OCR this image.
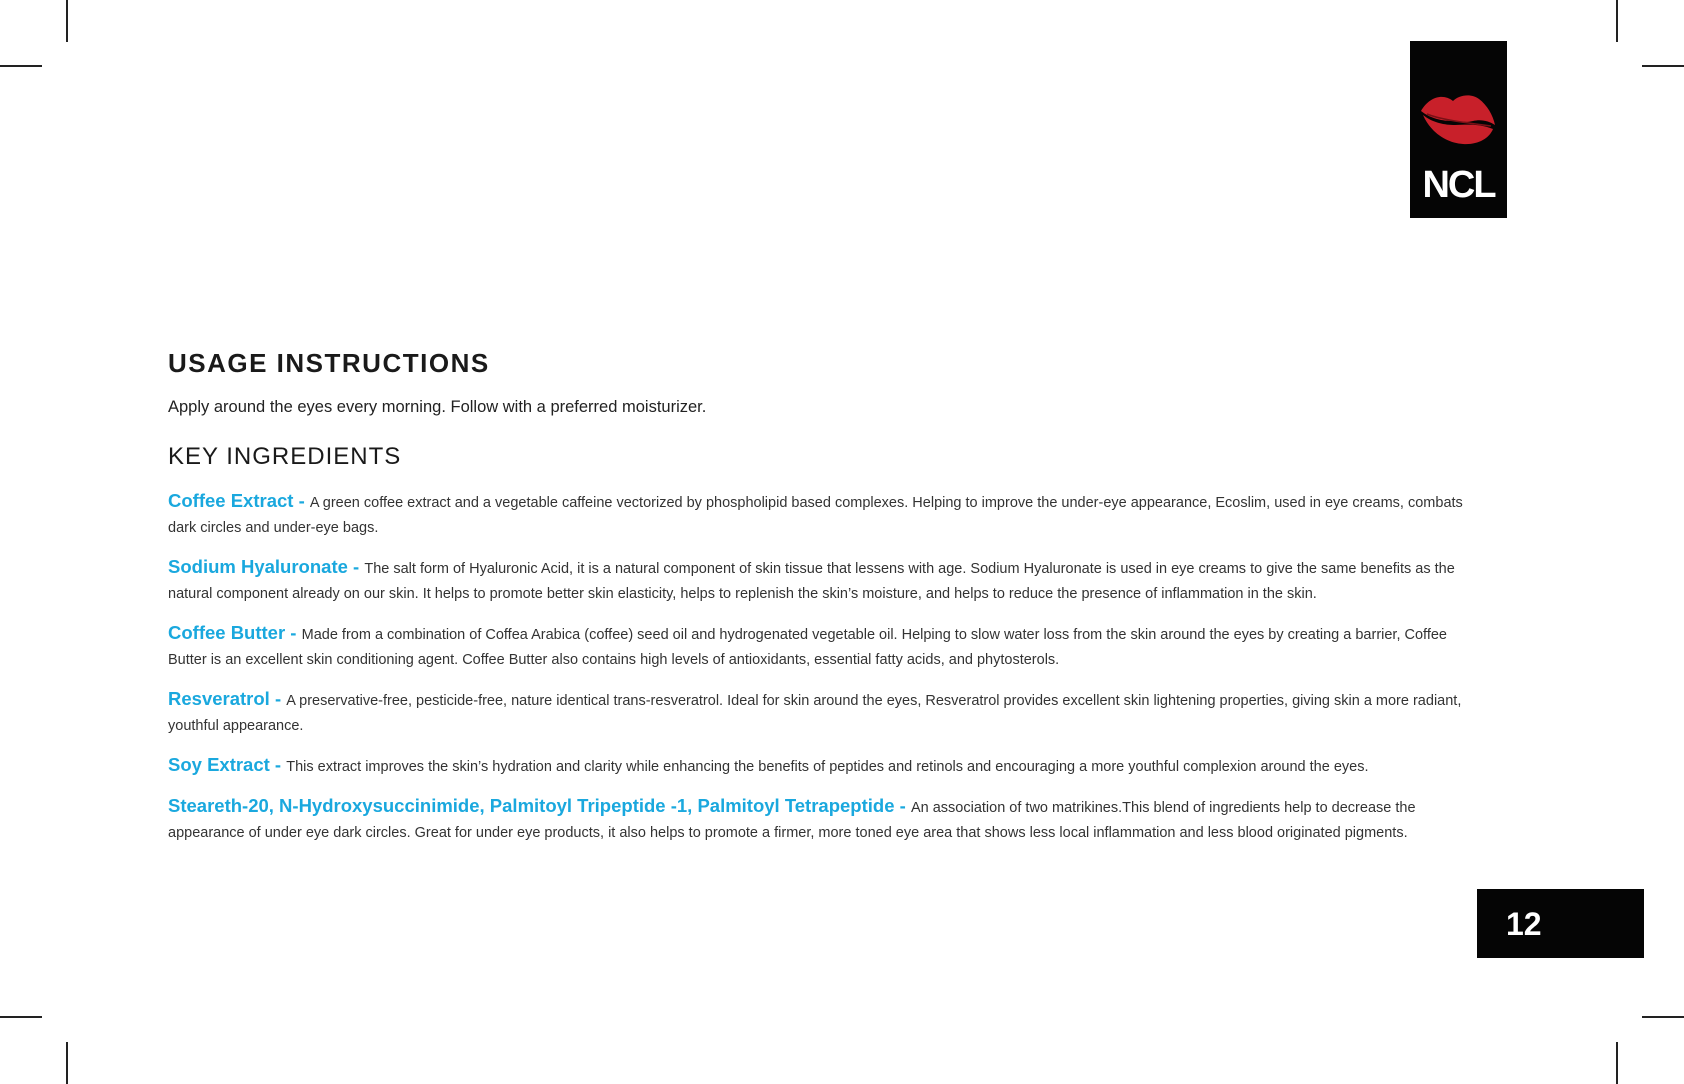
NCL
USAGE INSTRUCTIONS

Apply around the eyes every morning. Follow with a preferred moisturizer.

KEY INGREDIENTS
Coffee Extract - A green coffee extract and a vegetable caffeine vectorized by phospholipid based complexes. Helping to improve the under-eye appearance, Ecoslim, used in eye creams, combats dark circles and under-eye bags.
Sodium Hyaluronate - The salt form of Hyaluronic Acid, it is a natural component of skin tissue that lessens with age. Sodium Hyaluronate is used in eye creams to give the same benefits as the natural component already on our skin. It helps to promote better skin elasticity, helps to replenish the skin’s moisture, and helps to reduce the presence of inflammation in the skin.
Coffee Butter - Made from a combination of Coffea Arabica (coffee) seed oil and hydrogenated vegetable oil. Helping to slow water loss from the skin around the eyes by creating a barrier, Coffee Butter is an excellent skin conditioning agent. Coffee Butter also contains high levels of antioxidants, essential fatty acids, and phytosterols.
Resveratrol - A preservative-free, pesticide-free, nature identical trans-resveratrol. Ideal for skin around the eyes, Resveratrol provides excellent skin lightening properties, giving skin a more radiant, youthful appearance.
Soy Extract - This extract improves the skin’s hydration and clarity while enhancing the benefits of peptides and retinols and encouraging a more youthful complexion around the eyes.
Steareth-20, N-Hydroxysuccinimide, Palmitoyl Tripeptide -1, Palmitoyl Tetrapeptide - An association of two matrikines.This blend of ingredients help to decrease the appearance of under eye dark circles. Great for under eye products, it also helps to promote a firmer, more toned eye area that shows less local inflammation and less blood originated pigments.
12
